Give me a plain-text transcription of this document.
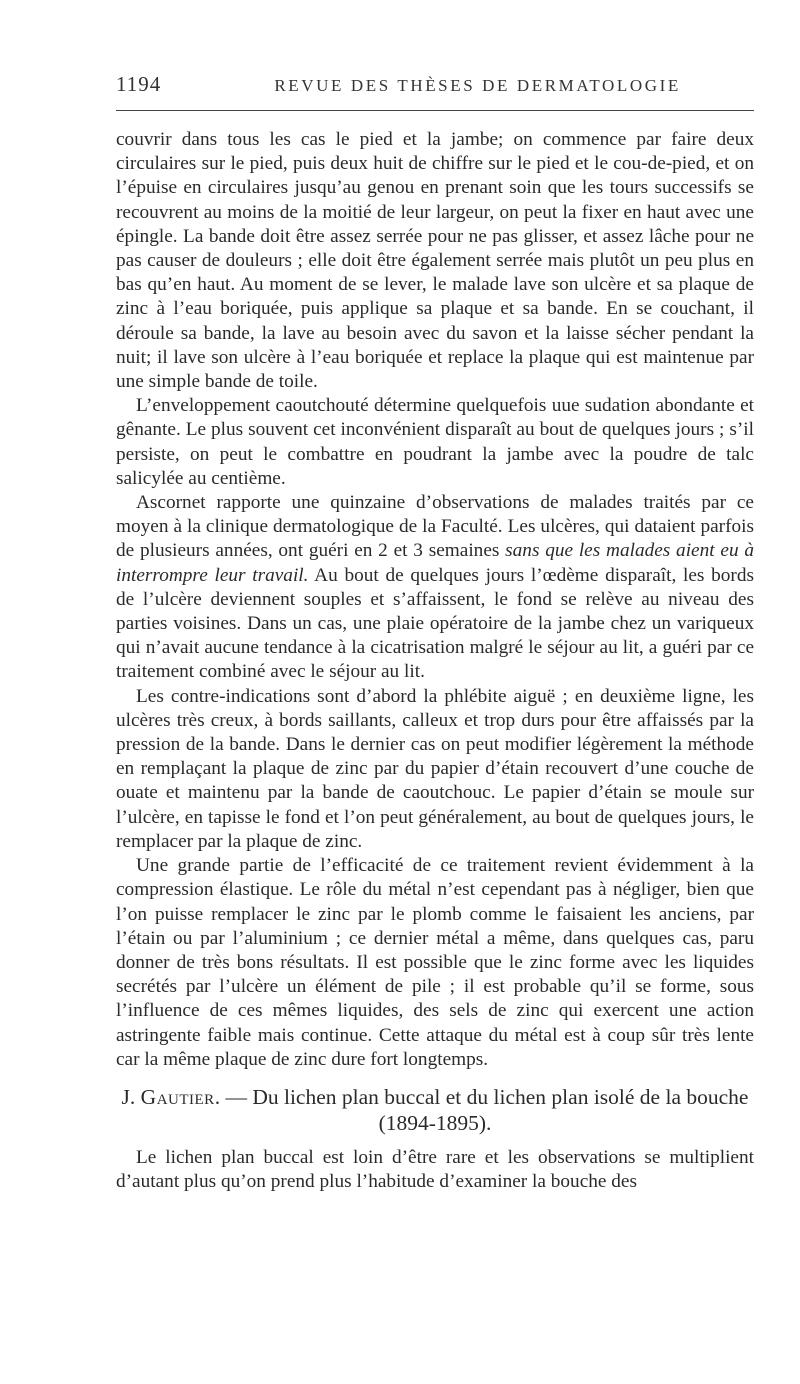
1194	REVUE DES THÈSES DE DERMATOLOGIE

couvrir dans tous les cas le pied et la jambe; on commence par faire deux circulaires sur le pied, puis deux huit de chiffre sur le pied et le cou-de-pied, et on l’épuise en circulaires jusqu’au genou en prenant soin que les tours successifs se recouvrent au moins de la moitié de leur largeur, on peut la fixer en haut avec une épingle. La bande doit être assez serrée pour ne pas glisser, et assez lâche pour ne pas causer de douleurs ; elle doit être également serrée mais plutôt un peu plus en bas qu’en haut. Au moment de se lever, le malade lave son ulcère et sa plaque de zinc à l’eau boriquée, puis applique sa plaque et sa bande. En se couchant, il déroule sa bande, la lave au besoin avec du savon et la laisse sécher pendant la nuit; il lave son ulcère à l’eau boriquée et replace la plaque qui est maintenue par une simple bande de toile.

L’enveloppement caoutchouté détermine quelquefois uue sudation abondante et gênante. Le plus souvent cet inconvénient disparaît au bout de quelques jours ; s’il persiste, on peut le combattre en poudrant la jambe avec la poudre de talc salicylée au centième.

Ascornet rapporte une quinzaine d’observations de malades traités par ce moyen à la clinique dermatologique de la Faculté. Les ulcères, qui dataient parfois de plusieurs années, ont guéri en 2 et 3 semaines sans que les malades aient eu à interrompre leur travail. Au bout de quelques jours l’œdème disparaît, les bords de l’ulcère deviennent souples et s’affaissent, le fond se relève au niveau des parties voisines. Dans un cas, une plaie opératoire de la jambe chez un variqueux qui n’avait aucune tendance à la cicatrisation malgré le séjour au lit, a guéri par ce traitement combiné avec le séjour au lit.

Les contre-indications sont d’abord la phlébite aiguë ; en deuxième ligne, les ulcères très creux, à bords saillants, calleux et trop durs pour être affaissés par la pression de la bande. Dans le dernier cas on peut modifier légèrement la méthode en remplaçant la plaque de zinc par du papier d’étain recouvert d’une couche de ouate et maintenu par la bande de caoutchouc. Le papier d’étain se moule sur l’ulcère, en tapisse le fond et l’on peut généralement, au bout de quelques jours, le remplacer par la plaque de zinc.

Une grande partie de l’efficacité de ce traitement revient évidemment à la compression élastique. Le rôle du métal n’est cependant pas à négliger, bien que l’on puisse remplacer le zinc par le plomb comme le faisaient les anciens, par l’étain ou par l’aluminium ; ce dernier métal a même, dans quelques cas, paru donner de très bons résultats. Il est possible que le zinc forme avec les liquides secrétés par l’ulcère un élément de pile ; il est probable qu’il se forme, sous l’influence de ces mêmes liquides, des sels de zinc qui exercent une action astringente faible mais continue. Cette attaque du métal est à coup sûr très lente car la même plaque de zinc dure fort longtemps.

J. Gautier. — Du lichen plan buccal et du lichen plan isolé de la bouche (1894-1895).

Le lichen plan buccal est loin d’être rare et les observations se multiplient d’autant plus qu’on prend plus l’habitude d’examiner la bouche des
